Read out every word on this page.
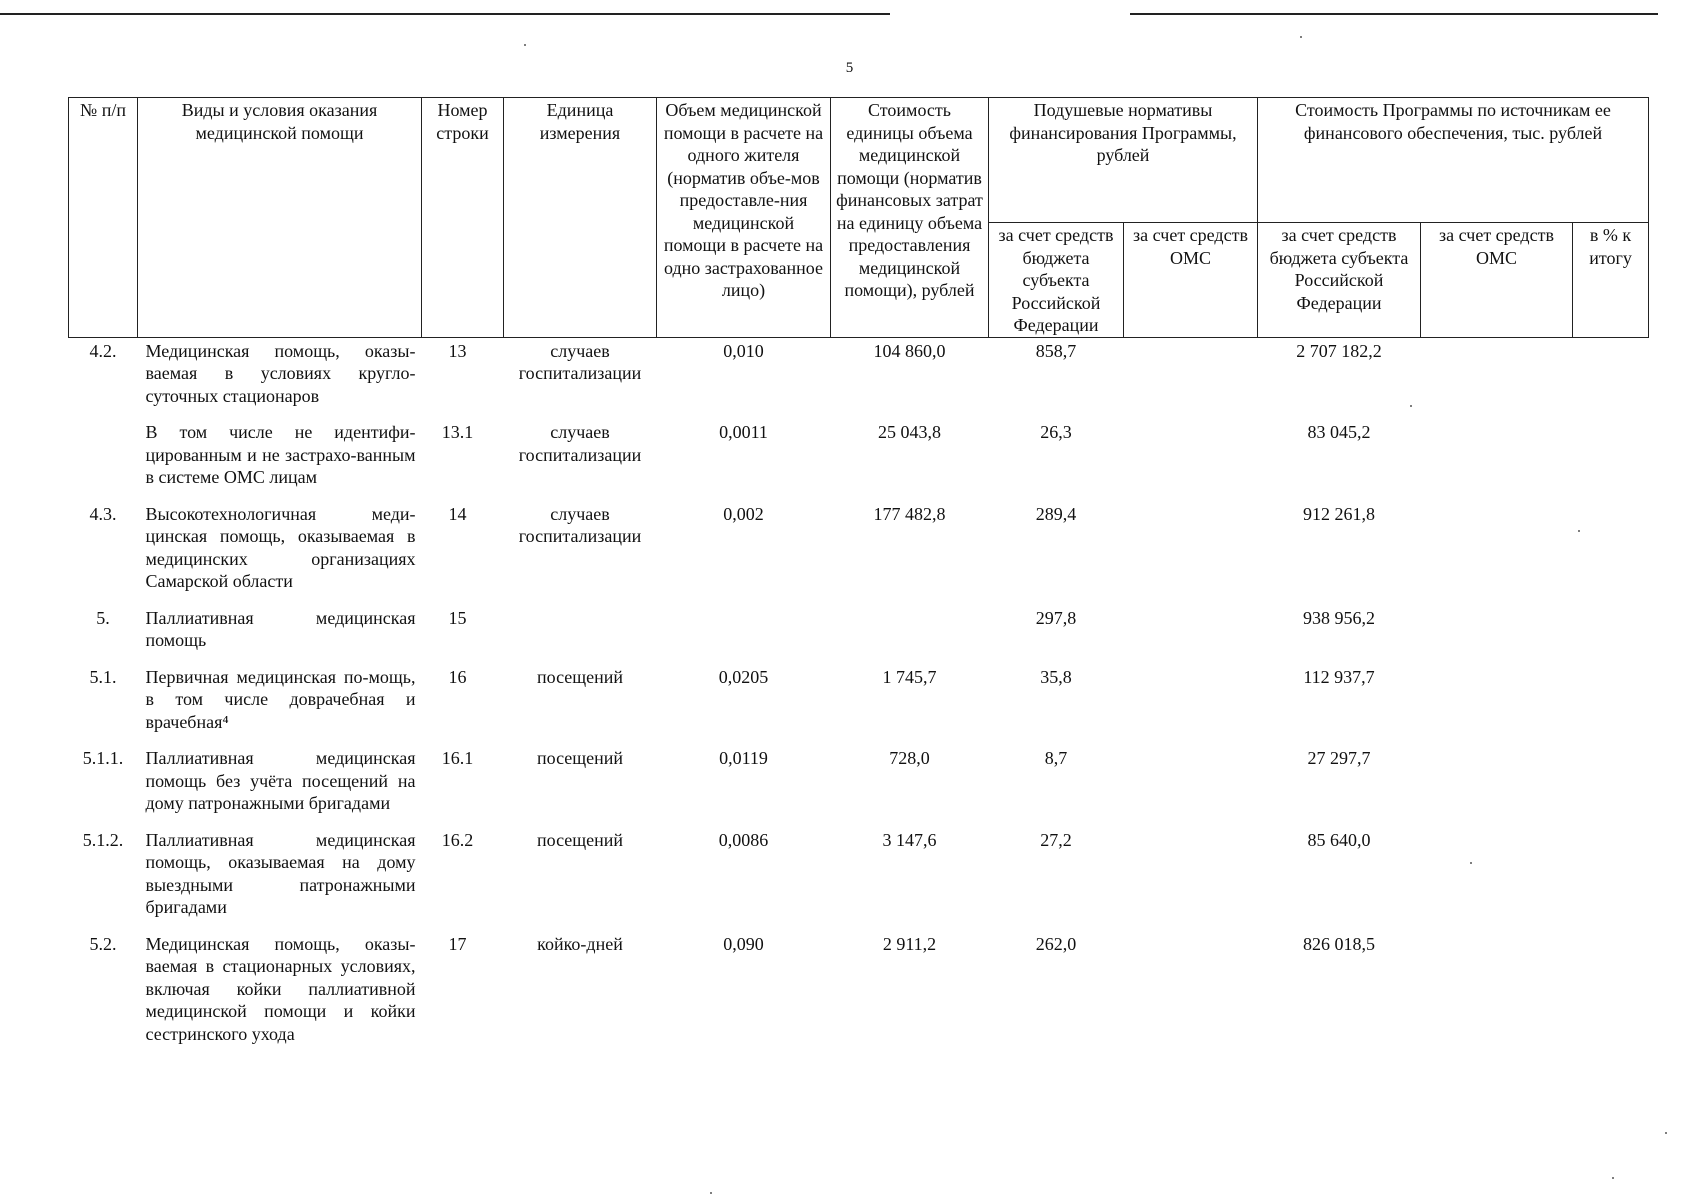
5
№ п/п	Виды и условия оказания медицинской помощи	Номер строки	Единица измерения	Объем медицинской помощи в расчете на одного жителя (норматив объе-мов предоставле-ния медицинской помощи в расчете на одно застрахованное лицо)	Стоимость единицы объема медицинской помощи (норматив финансовых затрат на единицу объема предоставления медицинской помощи), рублей	Подушевые нормативы финансирования Программы, рублей		Стоимость Программы по источникам ее финансового обеспечения, тыс. рублей		
						за счет средств бюджета субъекта Российской Федерации	за счет средств ОМС	за счет средств бюджета субъекта Российской Федерации	за счет средств ОМС	в % к итогу
4.2.	Медицинская помощь, оказы-ваемая в условиях кругло-суточных стационаров	13	случаев госпитализации	0,010	104 860,0	858,7		2 707 182,2		
	В том числе не идентифи-цированным и не застрахо-ванным в системе ОМС лицам	13.1	случаев госпитализации	0,0011	25 043,8	26,3		83 045,2		
4.3.	Высокотехнологичная меди-цинская помощь, оказываемая в медицинских организациях Самарской области	14	случаев госпитализации	0,002	177 482,8	289,4		912 261,8		
5.	Паллиативная медицинская помощь	15				297,8		938 956,2		
5.1.	Первичная медицинская по-мощь, в том числе доврачебная и врачебная⁴	16	посещений	0,0205	1 745,7	35,8		112 937,7		
5.1.1.	Паллиативная медицинская помощь без учёта посещений на дому патронажными бригадами	16.1	посещений	0,0119	728,0	8,7		27 297,7		
5.1.2.	Паллиативная медицинская помощь, оказываемая на дому выездными патронажными бригадами	16.2	посещений	0,0086	3 147,6	27,2		85 640,0		
5.2.	Медицинская помощь, оказы-ваемая в стационарных условиях, включая койки паллиативной медицинской помощи и койки сестринского ухода	17	койко-дней	0,090	2 911,2	262,0		826 018,5		
